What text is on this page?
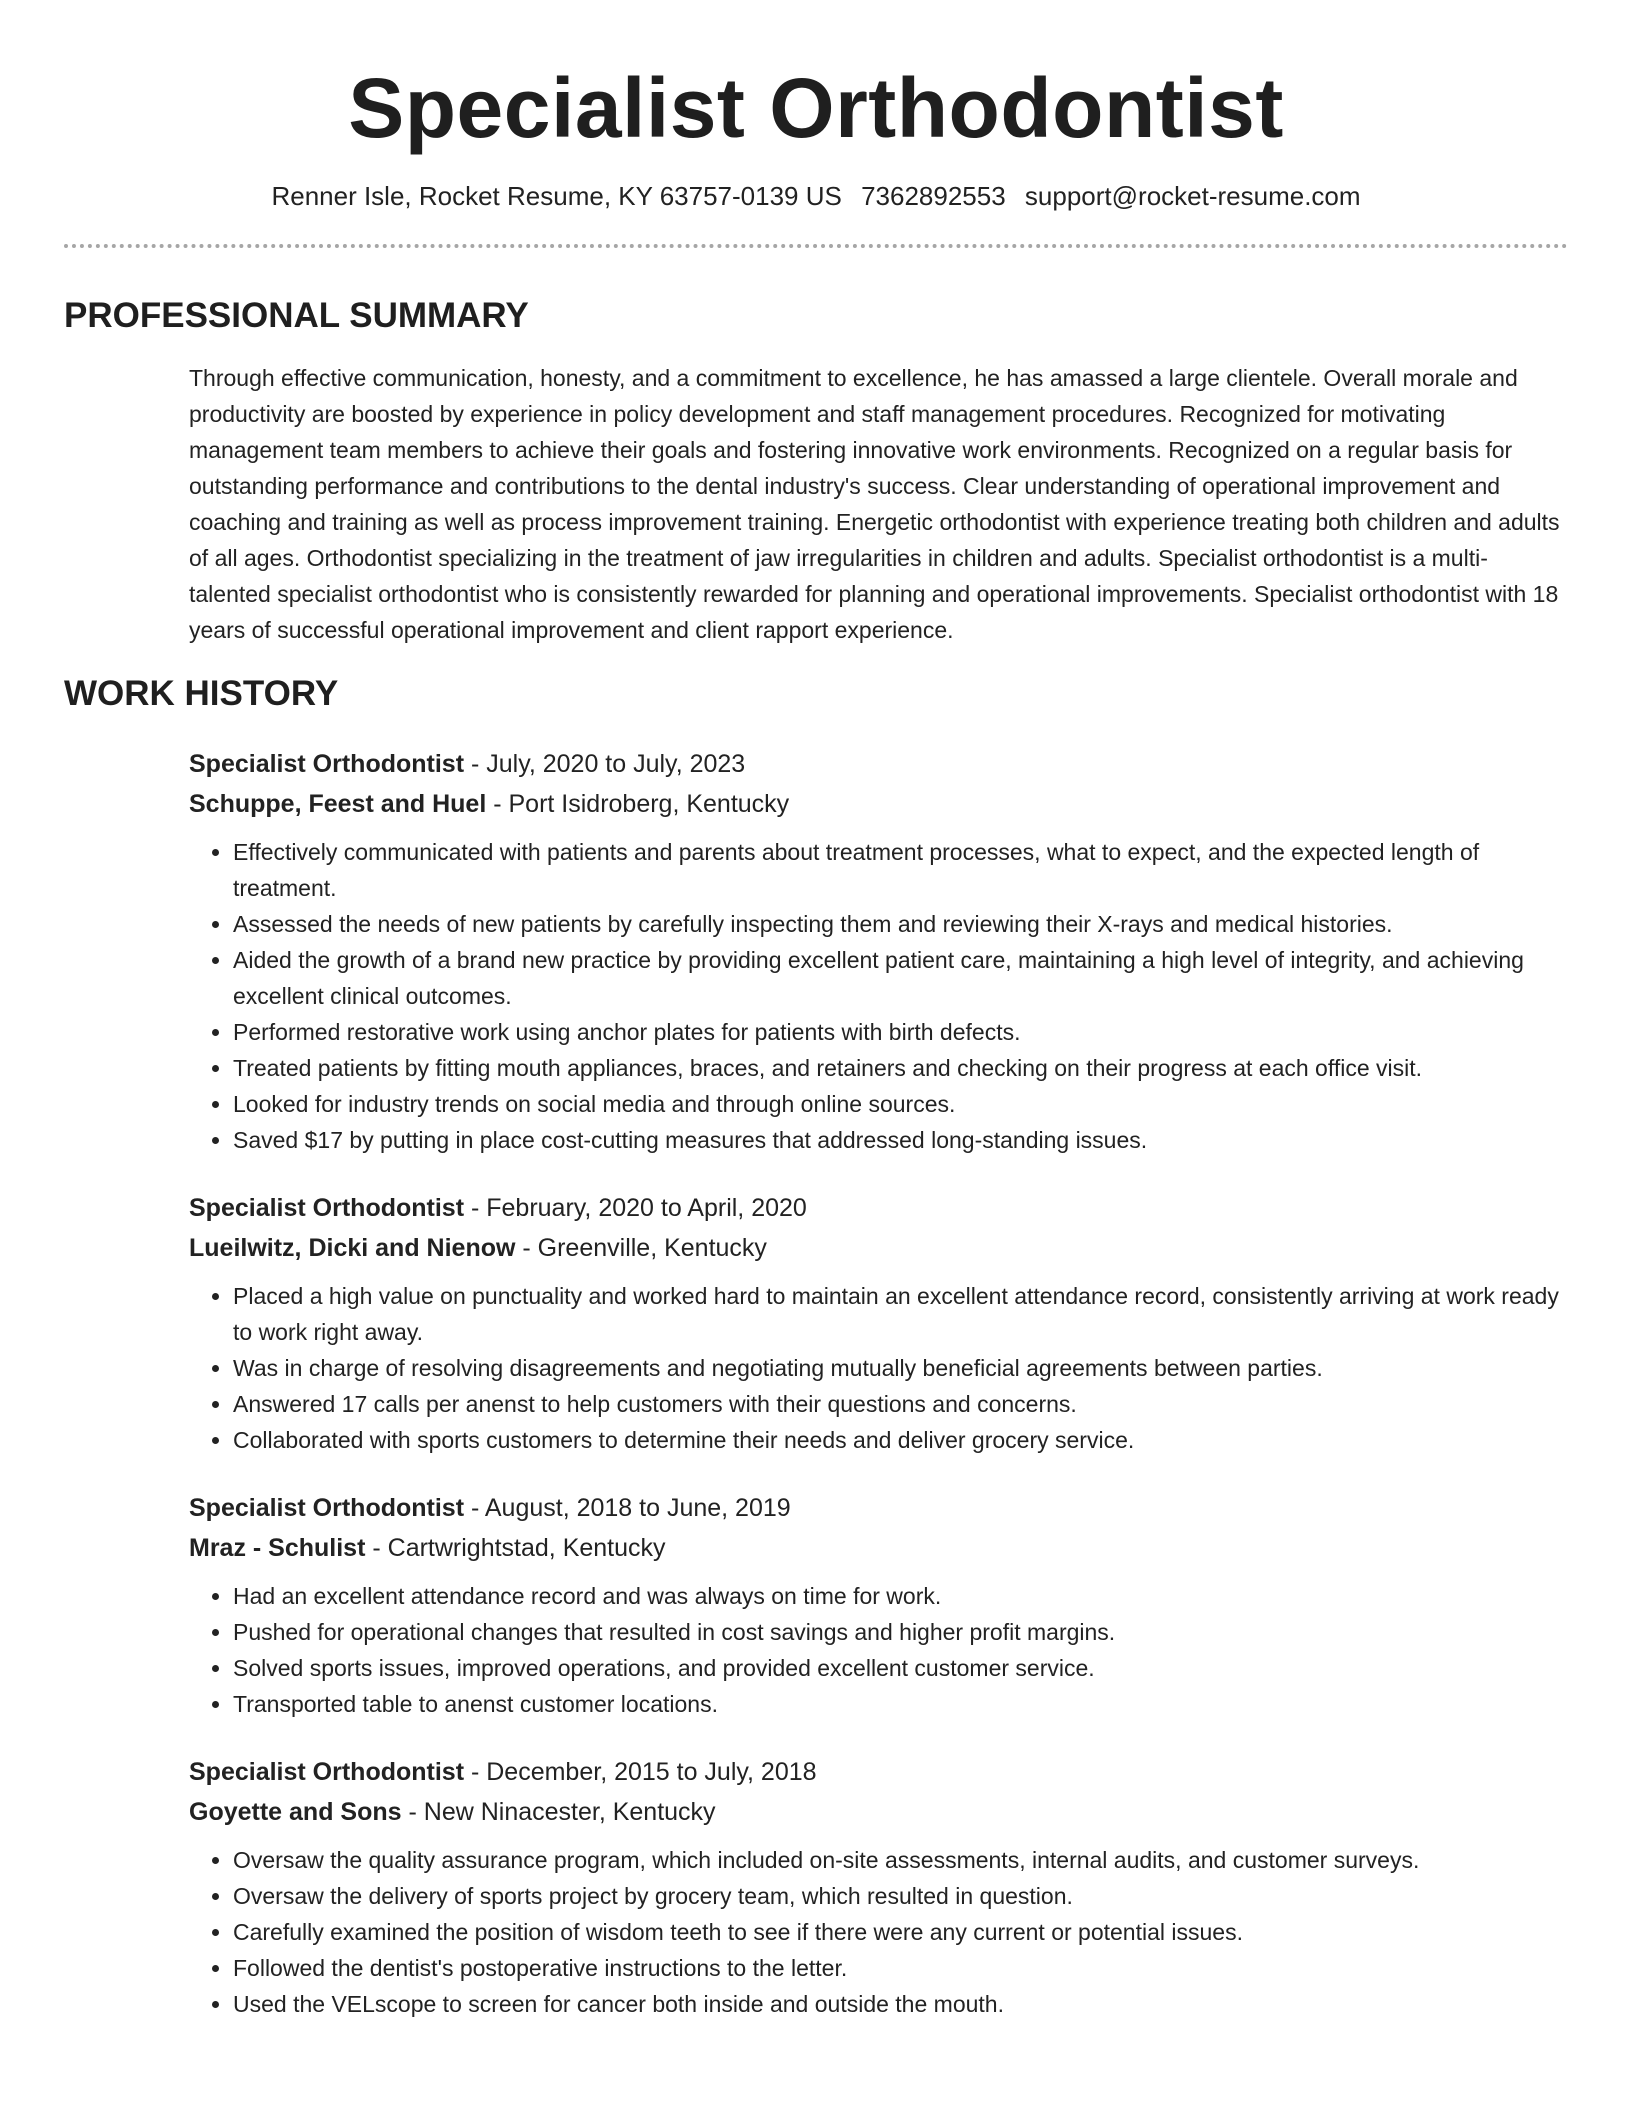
Specialist Orthodontist
Renner Isle, Rocket Resume, KY 63757-0139 US 7362892553 support@rocket-resume.com
PROFESSIONAL SUMMARY
Through effective communication, honesty, and a commitment to excellence, he has amassed a large clientele. Overall morale and productivity are boosted by experience in policy development and staff management procedures. Recognized for motivating management team members to achieve their goals and fostering innovative work environments. Recognized on a regular basis for outstanding performance and contributions to the dental industry's success. Clear understanding of operational improvement and coaching and training as well as process improvement training. Energetic orthodontist with experience treating both children and adults of all ages. Orthodontist specializing in the treatment of jaw irregularities in children and adults. Specialist orthodontist is a multi-talented specialist orthodontist who is consistently rewarded for planning and operational improvements. Specialist orthodontist with 18 years of successful operational improvement and client rapport experience.
WORK HISTORY
Specialist Orthodontist - July, 2020 to July, 2023
Schuppe, Feest and Huel - Port Isidroberg, Kentucky
• Effectively communicated with patients and parents about treatment processes, what to expect, and the expected length of treatment.
• Assessed the needs of new patients by carefully inspecting them and reviewing their X-rays and medical histories.
• Aided the growth of a brand new practice by providing excellent patient care, maintaining a high level of integrity, and achieving excellent clinical outcomes.
• Performed restorative work using anchor plates for patients with birth defects.
• Treated patients by fitting mouth appliances, braces, and retainers and checking on their progress at each office visit.
• Looked for industry trends on social media and through online sources.
• Saved $17 by putting in place cost-cutting measures that addressed long-standing issues.
Specialist Orthodontist - February, 2020 to April, 2020
Lueilwitz, Dicki and Nienow - Greenville, Kentucky
• Placed a high value on punctuality and worked hard to maintain an excellent attendance record, consistently arriving at work ready to work right away.
• Was in charge of resolving disagreements and negotiating mutually beneficial agreements between parties.
• Answered 17 calls per anenst to help customers with their questions and concerns.
• Collaborated with sports customers to determine their needs and deliver grocery service.
Specialist Orthodontist - August, 2018 to June, 2019
Mraz - Schulist - Cartwrightstad, Kentucky
• Had an excellent attendance record and was always on time for work.
• Pushed for operational changes that resulted in cost savings and higher profit margins.
• Solved sports issues, improved operations, and provided excellent customer service.
• Transported table to anenst customer locations.
Specialist Orthodontist - December, 2015 to July, 2018
Goyette and Sons - New Ninacester, Kentucky
• Oversaw the quality assurance program, which included on-site assessments, internal audits, and customer surveys.
• Oversaw the delivery of sports project by grocery team, which resulted in question.
• Carefully examined the position of wisdom teeth to see if there were any current or potential issues.
• Followed the dentist's postoperative instructions to the letter.
• Used the VELscope to screen for cancer both inside and outside the mouth.
